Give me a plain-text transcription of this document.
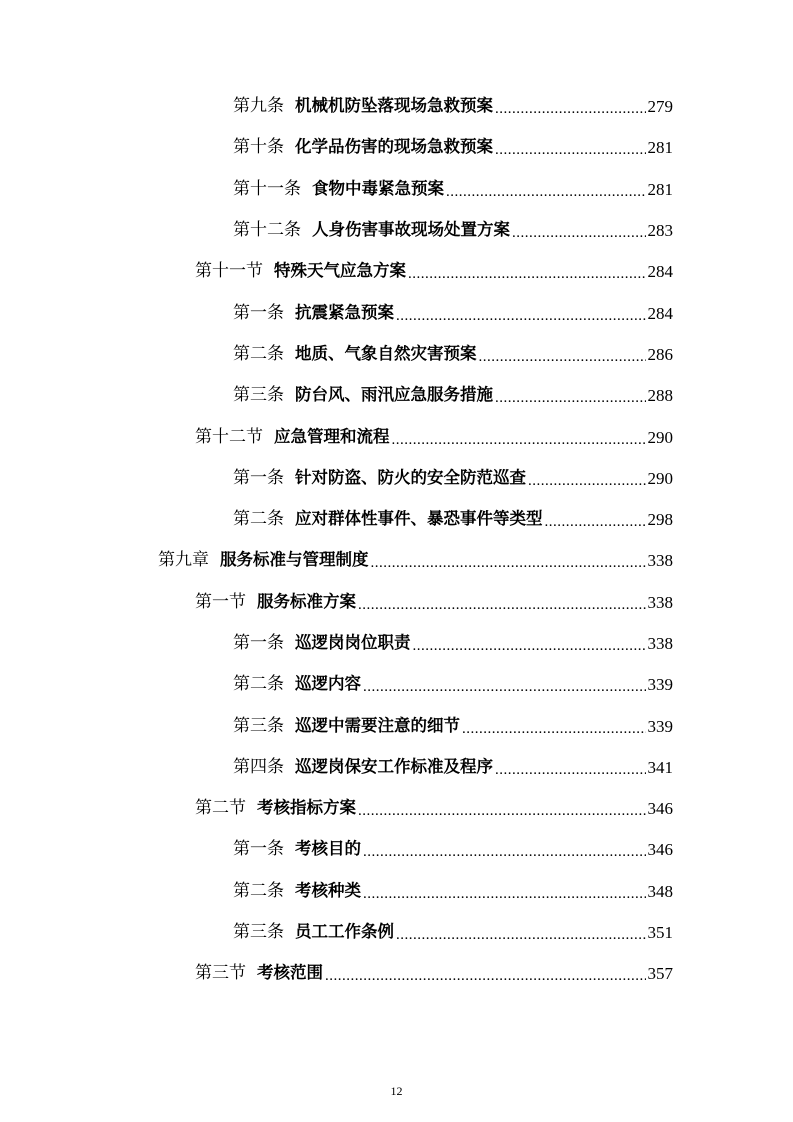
第九条 机械机防坠落现场急救预案 .....	279
第十条 化学品伤害的现场急救预案 .....	281
第十一条 食物中毒紧急预案 .....	281
第十二条 人身伤害事故现场处置方案 .....	283
第十一节 特殊天气应急方案 .....	284
第一条 抗震紧急预案 .....	284
第二条 地质、气象自然灾害预案 .....	286
第三条 防台风、雨汛应急服务措施 .....	288
第十二节 应急管理和流程 .....	290
第一条 针对防盗、防火的安全防范巡查 .....	290
第二条 应对群体性事件、暴恐事件等类型 .....	298
第九章 服务标准与管理制度 .....	338
第一节 服务标准方案 .....	338
第一条 巡逻岗岗位职责 .....	338
第二条 巡逻内容 .....	339
第三条 巡逻中需要注意的细节 .....	339
第四条 巡逻岗保安工作标准及程序 .....	341
第二节 考核指标方案 .....	346
第一条 考核目的 .....	346
第二条 考核种类 .....	348
第三条 员工工作条例 .....	351
第三节 考核范围 .....	357
12
